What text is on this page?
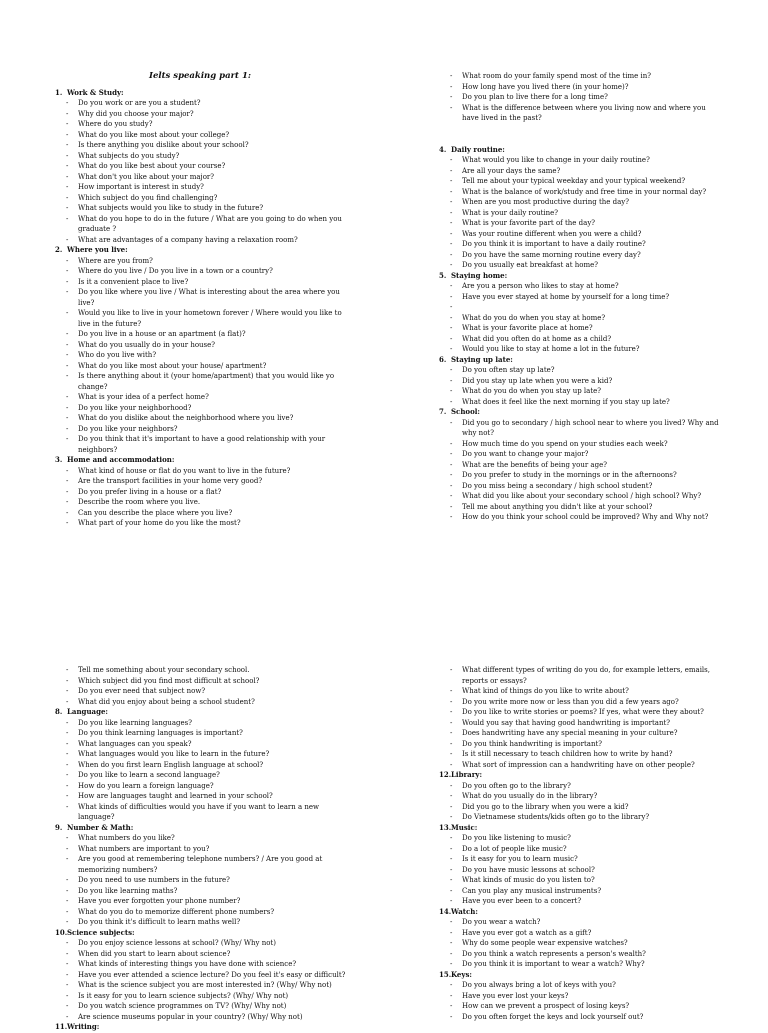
Ielts speaking part 1:
1. Work & Study:
- Do you work or are you a student?
- Why did you choose your major?
- Where do you study?
- What do you like most about your college?
- Is there anything you dislike about your school?
- What subjects do you study?
- What do you like best about your course?
- What don't you like about your major?
- How important is interest in study?
- Which subject do you find challenging?
- What subjects would you like to study in the future?
- What do you hope to do in the future / What are you going to do when you graduate ?
- What are advantages of a company having a relaxation room?
2. Where you live:
- Where are you from?
- Where do you live / Do you live in a town or a country?
- Is it a convenient place to live?
- Do you like where you live / What is interesting about the area where you live?
- Would you like to live in your hometown forever / Where would you like to live in the future?
- Do you live in a house or an apartment (a flat)?
- What do you usually do in your house?
- Who do you live with?
- What do you like most about your house/ apartment?
- Is there anything about it (your home/apartment) that you would like yo change?
- What is your idea of a perfect home?
- Do you like your neighborhood?
- What do you dislike about the neighborhood where you live?
- Do you like your neighbors?
- Do you think that it's important to have a good relationship with your neighbors?
3. Home and accommodation:
- What kind of house or flat do you want to live in the future?
- Are the transport facilities in your home very good?
- Do you prefer living in a house or a flat?
- Describe the room where you live.
- Can you describe the place where you live?
- What part of your home do you like the most?
- What room do your family spend most of the time in?
- How long have you lived there (in your home)?
- Do you plan to live there for a long time?
- What is the difference between where you living now and where you have lived in the past?
4. Daily routine:
- What would you like to change in your daily routine?
- Are all your days the same?
- Tell me about your typical weekday and your typical weekend?
- What is the balance of work/study and free time in your normal day?
- When are you most productive during the day?
- What is your daily routine?
- What is your favorite part of the day?
- Was your routine different when you were a child?
- Do you think it is important to have a daily routine?
- Do you have the same morning routine every day?
- Do you usually eat breakfast at home?
5. Staying home:
- Are you a person who likes to stay at home?
- Have you ever stayed at home by yourself for a long time?
-
- What do you do when you stay at home?
- What is your favorite place at home?
- What did you often do at home as a child?
- Would you like to stay at home a lot in the future?
6. Staying up late:
- Do you often stay up late?
- Did you stay up late when you were a kid?
- What do you do when you stay up late?
- What does it feel like the next morning if you stay up late?
7. School:
- Did you go to secondary / high school near to where you lived? Why and why not?
- How much time do you spend on your studies each week?
- Do you want to change your major?
- What are the benefits of being your age?
- Do you prefer to study in the mornings or in the afternoons?
- Do you miss being a secondary / high school student?
- What did you like about your secondary school / high school? Why?
- Tell me about anything you didn't like at your school?
- How do you think your school could be improved? Why and Why not?
- Tell me something about your secondary school.
- Which subject did you find most difficult at school?
- Do you ever need that subject now?
- What did you enjoy about being a school student?
8. Language:
- Do you like learning languages?
- Do you think learning languages is important?
- What languages can you speak?
- What languages would you like to learn in the future?
- When do you first learn English language at school?
- Do you like to learn a second language?
- How do you learn a foreign language?
- How are languages taught and learned in your school?
- What kinds of difficulties would you have if you want to learn a new language?
9. Number & Math:
- What numbers do you like?
- What numbers are important to you?
- Are you good at remembering telephone numbers? / Are you good at memorizing numbers?
- Do you need to use numbers in the future?
- Do you like learning maths?
- Have you ever forgotten your phone number?
- What do you do to memorize different phone numbers?
- Do you think it's difficult to learn maths well?
10. Science subjects:
- Do you enjoy science lessons at school? (Why/ Why not)
- When did you start to learn about science?
- What kinds of interesting things you have done with science?
- Have you ever attended a science lecture? Do you feel it's easy or difficult?
- What is the science subject you are most interested in? (Why/ Why not)
- Is it easy for you to learn science subjects? (Why/ Why not)
- Do you watch science programmes on TV? (Why/ Why not)
- Are science museums popular in your country? (Why/ Why not)
11. Writing:
- What different types of writing do you do, for example letters, emails, reports or essays?
- What kind of things do you like to write about?
- Do you write more now or less than you did a few years ago?
- Do you like to write stories or poems? If yes, what were they about?
- Would you say that having good handwriting is important?
- Does handwriting have any special meaning in your culture?
- Do you think handwriting is important?
- Is it still necessary to teach children how to write by hand?
- What sort of impression can a handwriting have on other people?
12. Library:
- Do you often go to the library?
- What do you usually do in the library?
- Did you go to the library when you were a kid?
- Do Vietnamese students/kids often go to the library?
13. Music:
- Do you like listening to music?
- Do a lot of people like music?
- Is it easy for you to learn music?
- Do you have music lessons at school?
- What kinds of music do you listen to?
- Can you play any musical instruments?
- Have you ever been to a concert?
14. Watch:
- Do you wear a watch?
- Have you ever got a watch as a gift?
- Why do some people wear expensive watches?
- Do you think a watch represents a person's wealth?
- Do you think it is important to wear a watch? Why?
15. Keys:
- Do you always bring a lot of keys with you?
- Have you ever lost your keys?
- How can we prevent a prospect of losing keys?
- Do you often forget the keys and lock yourself out?
